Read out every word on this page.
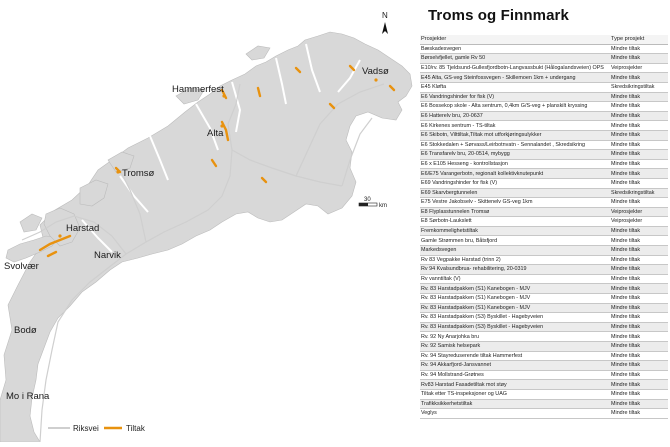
Hammerfest
Vadsø
Alta
Tromsø
Harstad
Narvik
Svolvær
Bodø
Mo i Rana
N
30
km
Riksvei	Tiltak
Troms og Finnmark
Prosjekter	Type prosjekt
Bæskadesvegen	Mindre tiltak
Børselvfjellet, gamle Rv 50	Mindre tiltak
E10/rv. 85 Tjeldsund-Gullesfjordbotn-Langvassbukt (Hålogalandsveien) OPS	Veiprosjekter
E45 Alta, GS-veg Steinfossvegen - Skillemoen 1km + undergang	Mindre tiltak
E45 Kløfta	Skredsikringstiltak
E6 Vandringshinder for fisk (V)	Mindre tiltak
E6 Bossekop skole - Alta sentrum, 0,4km G/S-veg + planskilt kryssing	Mindre tiltak
E6 Hatterelv bru, 20-0637	Mindre tiltak
E6 Kirkenes sentrum - TS-tiltak	Mindre tiltak
E6 Skibotn, Vilttiltak,Tiltak mot utforkjøringsulykker	Mindre tiltak
E6 Stokkedalen + Sørvass/Leirbotnvatn - Sennalandet , Skredsikring	Mindre tiltak
E6 Transfarelv bru, 20-0514, mybygg	Mindre tiltak
E6 x E105 Hesseng - kontrollstasjon	Mindre tiltak
E6/E75 Varangerbotn, regionalt kollektivknutepunkt	Mindre tiltak
E69 Vandringshinder for fisk (V)	Mindre tiltak
E69 Skarvbergtunnelen	Skredsikringstiltak
E75 Vestre Jakobselv - Skittenelv GS-veg 1km	Mindre tiltak
E8 Flyplasstunnelen Tromsø	Veiprosjekter
E8 Sørbotn-Laukslett	Veiprosjekter
Fremkommelighetstiltak	Mindre tiltak
Gamle Strømmen bru, Båtsfjord	Mindre tiltak
Markedsvegen	Mindre tiltak
Rv 83 Vegpakke Harstad (trinn 2)	Mindre tiltak
Rv 94 Kvalsundbrua- rehabilitering, 20-0319	Mindre tiltak
Rv vanntiltak (V)	Mindre tiltak
Rv. 83 Harstadpakken (S1) Kanebogen - MJV	Mindre tiltak
Rv. 83 Harstadpakken (S1) Kanebogen - MJV	Mindre tiltak
Rv. 83 Harstadpakken (S1) Kanebogen - MJV	Mindre tiltak
Rv. 83 Harstadpakken (S3) Byskillet - Hagebyveien	Mindre tiltak
Rv. 83 Harstadpakken (S3) Byskillet - Hagebyveien	Mindre tiltak
Rv. 92 Ny Anarjohka bru	Mindre tiltak
Rv. 92 Samisk helsepark	Mindre tiltak
Rv. 94 Stayreduserende tiltak Hammerfest	Mindre tiltak
Rv. 94 Akkarfjord-Jansvannet	Mindre tiltak
Rv. 94 Mollstrand-Grøtnes	Mindre tiltak
Rv83 Harstad Fasadetiltak mot støy	Mindre tiltak
Tiltak etter TS-inspeksjoner og UAG	Mindre tiltak
Trafikksikkerhetstiltak	Mindre tiltak
Veglys	Mindre tiltak
